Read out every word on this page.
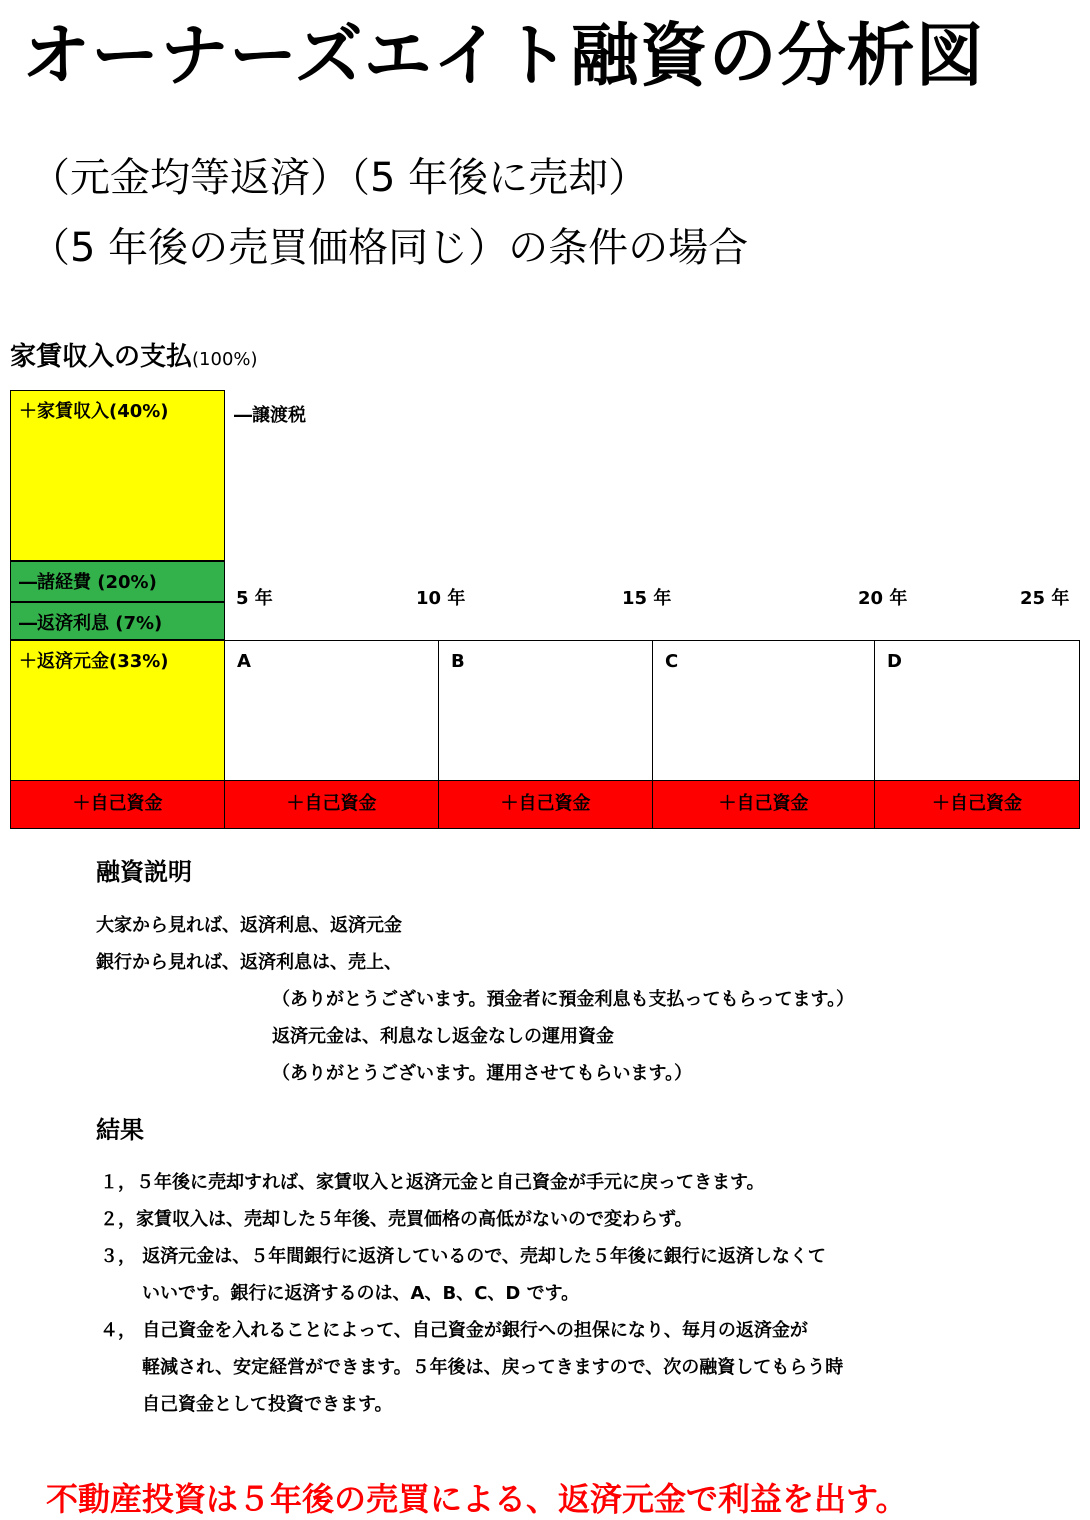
オーナーズエイト融資の分析図
（元金均等返済）（5 年後に売却）
（5 年後の売買価格同じ）の条件の場合
家賃収入の支払(100%)
＋家賃収入(40%)
―諸経費 (20%)
―返済利息 (7%)
＋返済元金(33%)
―譲渡税
5 年	10 年	15 年	20 年	25 年
A	B	C	D
＋自己資金	＋自己資金	＋自己資金	＋自己資金	＋自己資金
融資説明
大家から見れば、返済利息、返済元金
銀行から見れば、返済利息は、売上、
（ありがとうございます。預金者に預金利息も支払ってもらってます。）
返済元金は、利息なし返金なしの運用資金
（ありがとうございます。運用させてもらいます。）
結果
１，５年後に売却すれば、家賃収入と返済元金と自己資金が手元に戻ってきます。
２，家賃収入は、売却した５年後、売買価格の高低がないので変わらず。
３， 返済元金は、５年間銀行に返済しているので、売却した５年後に銀行に返済しなくて
いいです。銀行に返済するのは、A、B、C、D です。
４， 自己資金を入れることによって、自己資金が銀行への担保になり、毎月の返済金が
軽減され、安定経営ができます。５年後は、戻ってきますので、次の融資してもらう時
自己資金として投資できます。
不動産投資は５年後の売買による、返済元金で利益を出す。
